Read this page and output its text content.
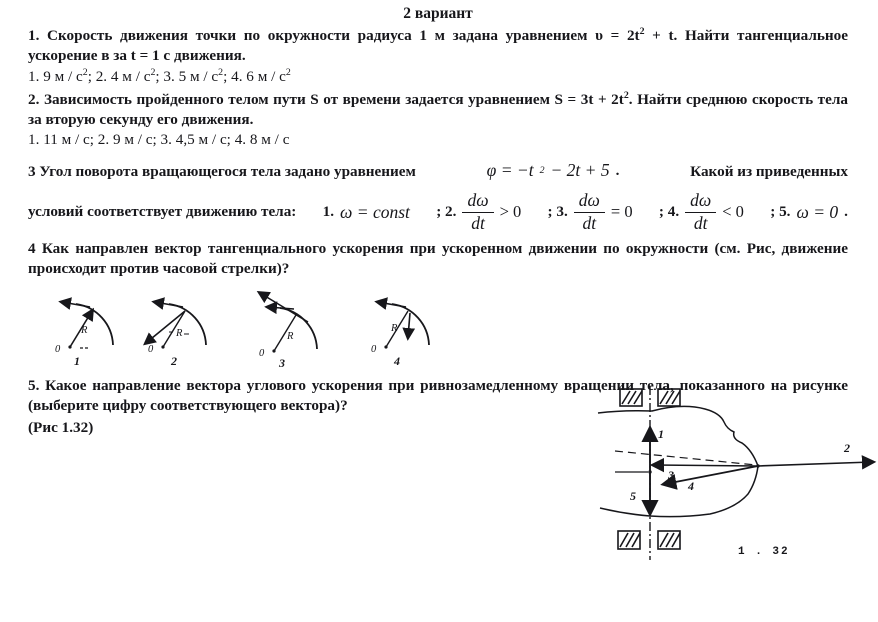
2 вариант

1. Скорость движения точки по окружности радиуса 1 м задана уравнением $\upsilon = 2t^2 + t$. Найти тангенциальное ускорение в за t = 1 с движения.

1. 9 м / $с^2$; 2. 4 м / $с^2$; 3. 5 м / $с^2$; 4. 6 м / $с^2$

2. Зависимость пройденного телом пути S от времени задается уравнением $S = 3t + 2t^2$. Найти среднюю скорость тела за вторую секунду его движения.

1. 11 м / с; 2. 9 м / с; 3. 4,5 м / с; 4. 8 м / с

3 Угол поворота вращающегося тела задано уравнением	φ = −t 2 − 2t + 5 .	Какой из приведенных
условий соответствует движению тела: 1. ω = const ; 2. $\frac{d\omega}{dt} > 0$ ; 3. $\frac{d\omega}{dt} = 0$ ; 4. $\frac{d\omega}{dt} < 0$ ; 5. ω = 0 .

4 Как направлен вектор тангенциального ускорения при ускоренном движении по окружности (см. Рис, движение происходит против часовой стрелки)?

R
0
1
R
0
2
R
0
3
R
0
4

5. Какое направление вектора углового ускорения при ривнозамедленному вращении тела, показанного на рисунке (выберите цифру соответствующего вектора)?

(Рис 1.32)	1
2
3
4
5
1 . 32
